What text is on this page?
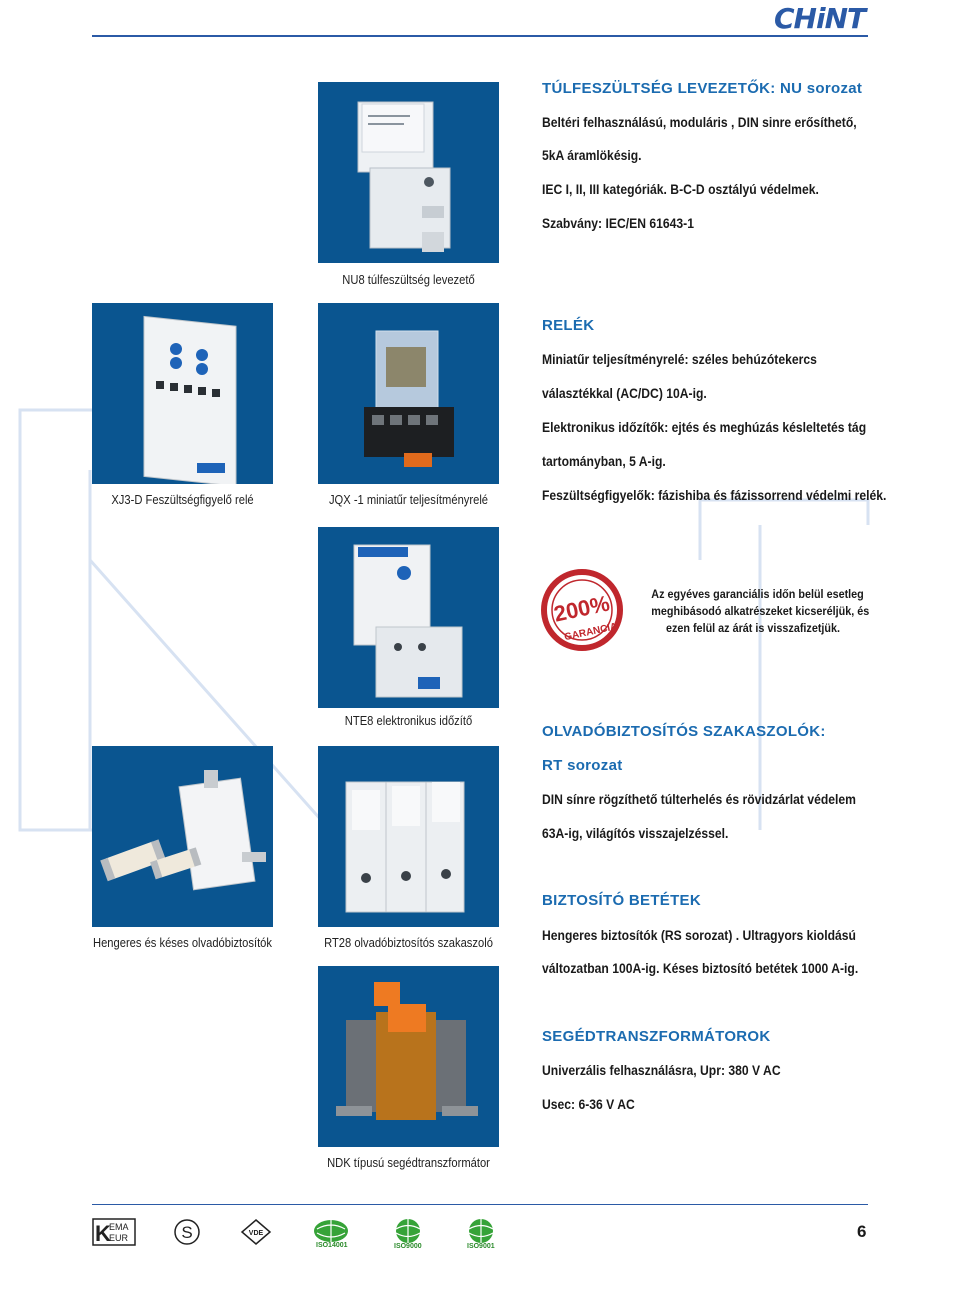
CHiNT
NU8 túlfeszültség levezető
XJ3-D Feszültségfigyelő relé	JQX -1 miniatűr teljesítményrelé
NTE8 elektronikus időzítő
Hengeres és késes olvadóbiztosítók	RT28 olvadóbiztosítós szakaszoló
NDK típusú segédtranszformátor
TÚLFESZÜLTSÉG LEVEZETŐK: NU sorozat
Beltéri felhasználású, moduláris , DIN sinre erősíthető,
5kA áramlökésig.
IEC I, II, III kategóriák. B-C-D osztályú védelmek.
Szabvány: IEC/EN 61643-1
RELÉK
Miniatűr teljesítményrelé: széles behúzótekercs
választékkal (AC/DC) 10A-ig.
Elektronikus időzítők: ejtés és meghúzás késleltetés tág
tartományban, 5 A-ig.
Feszültségfigyelők: fázishiba és fázissorrend védelmi relék.
200%
GARANCIA
Az egyéves garanciális időn belül esetleg
meghibásodó alkatrészeket kicseréljük, és
ezen felül az árát is visszafizetjük.
OLVADÓBIZTOSÍTÓS SZAKASZOLÓK:
RT sorozat
DIN sínre rögzíthető túlterhelés és rövidzárlat védelem
63A-ig, világítós visszajelzéssel.
BIZTOSÍTÓ BETÉTEK
Hengeres biztosítók (RS sorozat) . Ultragyors kioldású
változatban 100A-ig. Késes biztosító betétek 1000 A-ig.
SEGÉDTRANSZFORMÁTOROK
Univerzális felhasználásra, Upr: 380 V AC
Usec: 6-36 V AC
K
EMA
EUR	S	VDE
ISO14001	ISO9000	ISO9001
6
